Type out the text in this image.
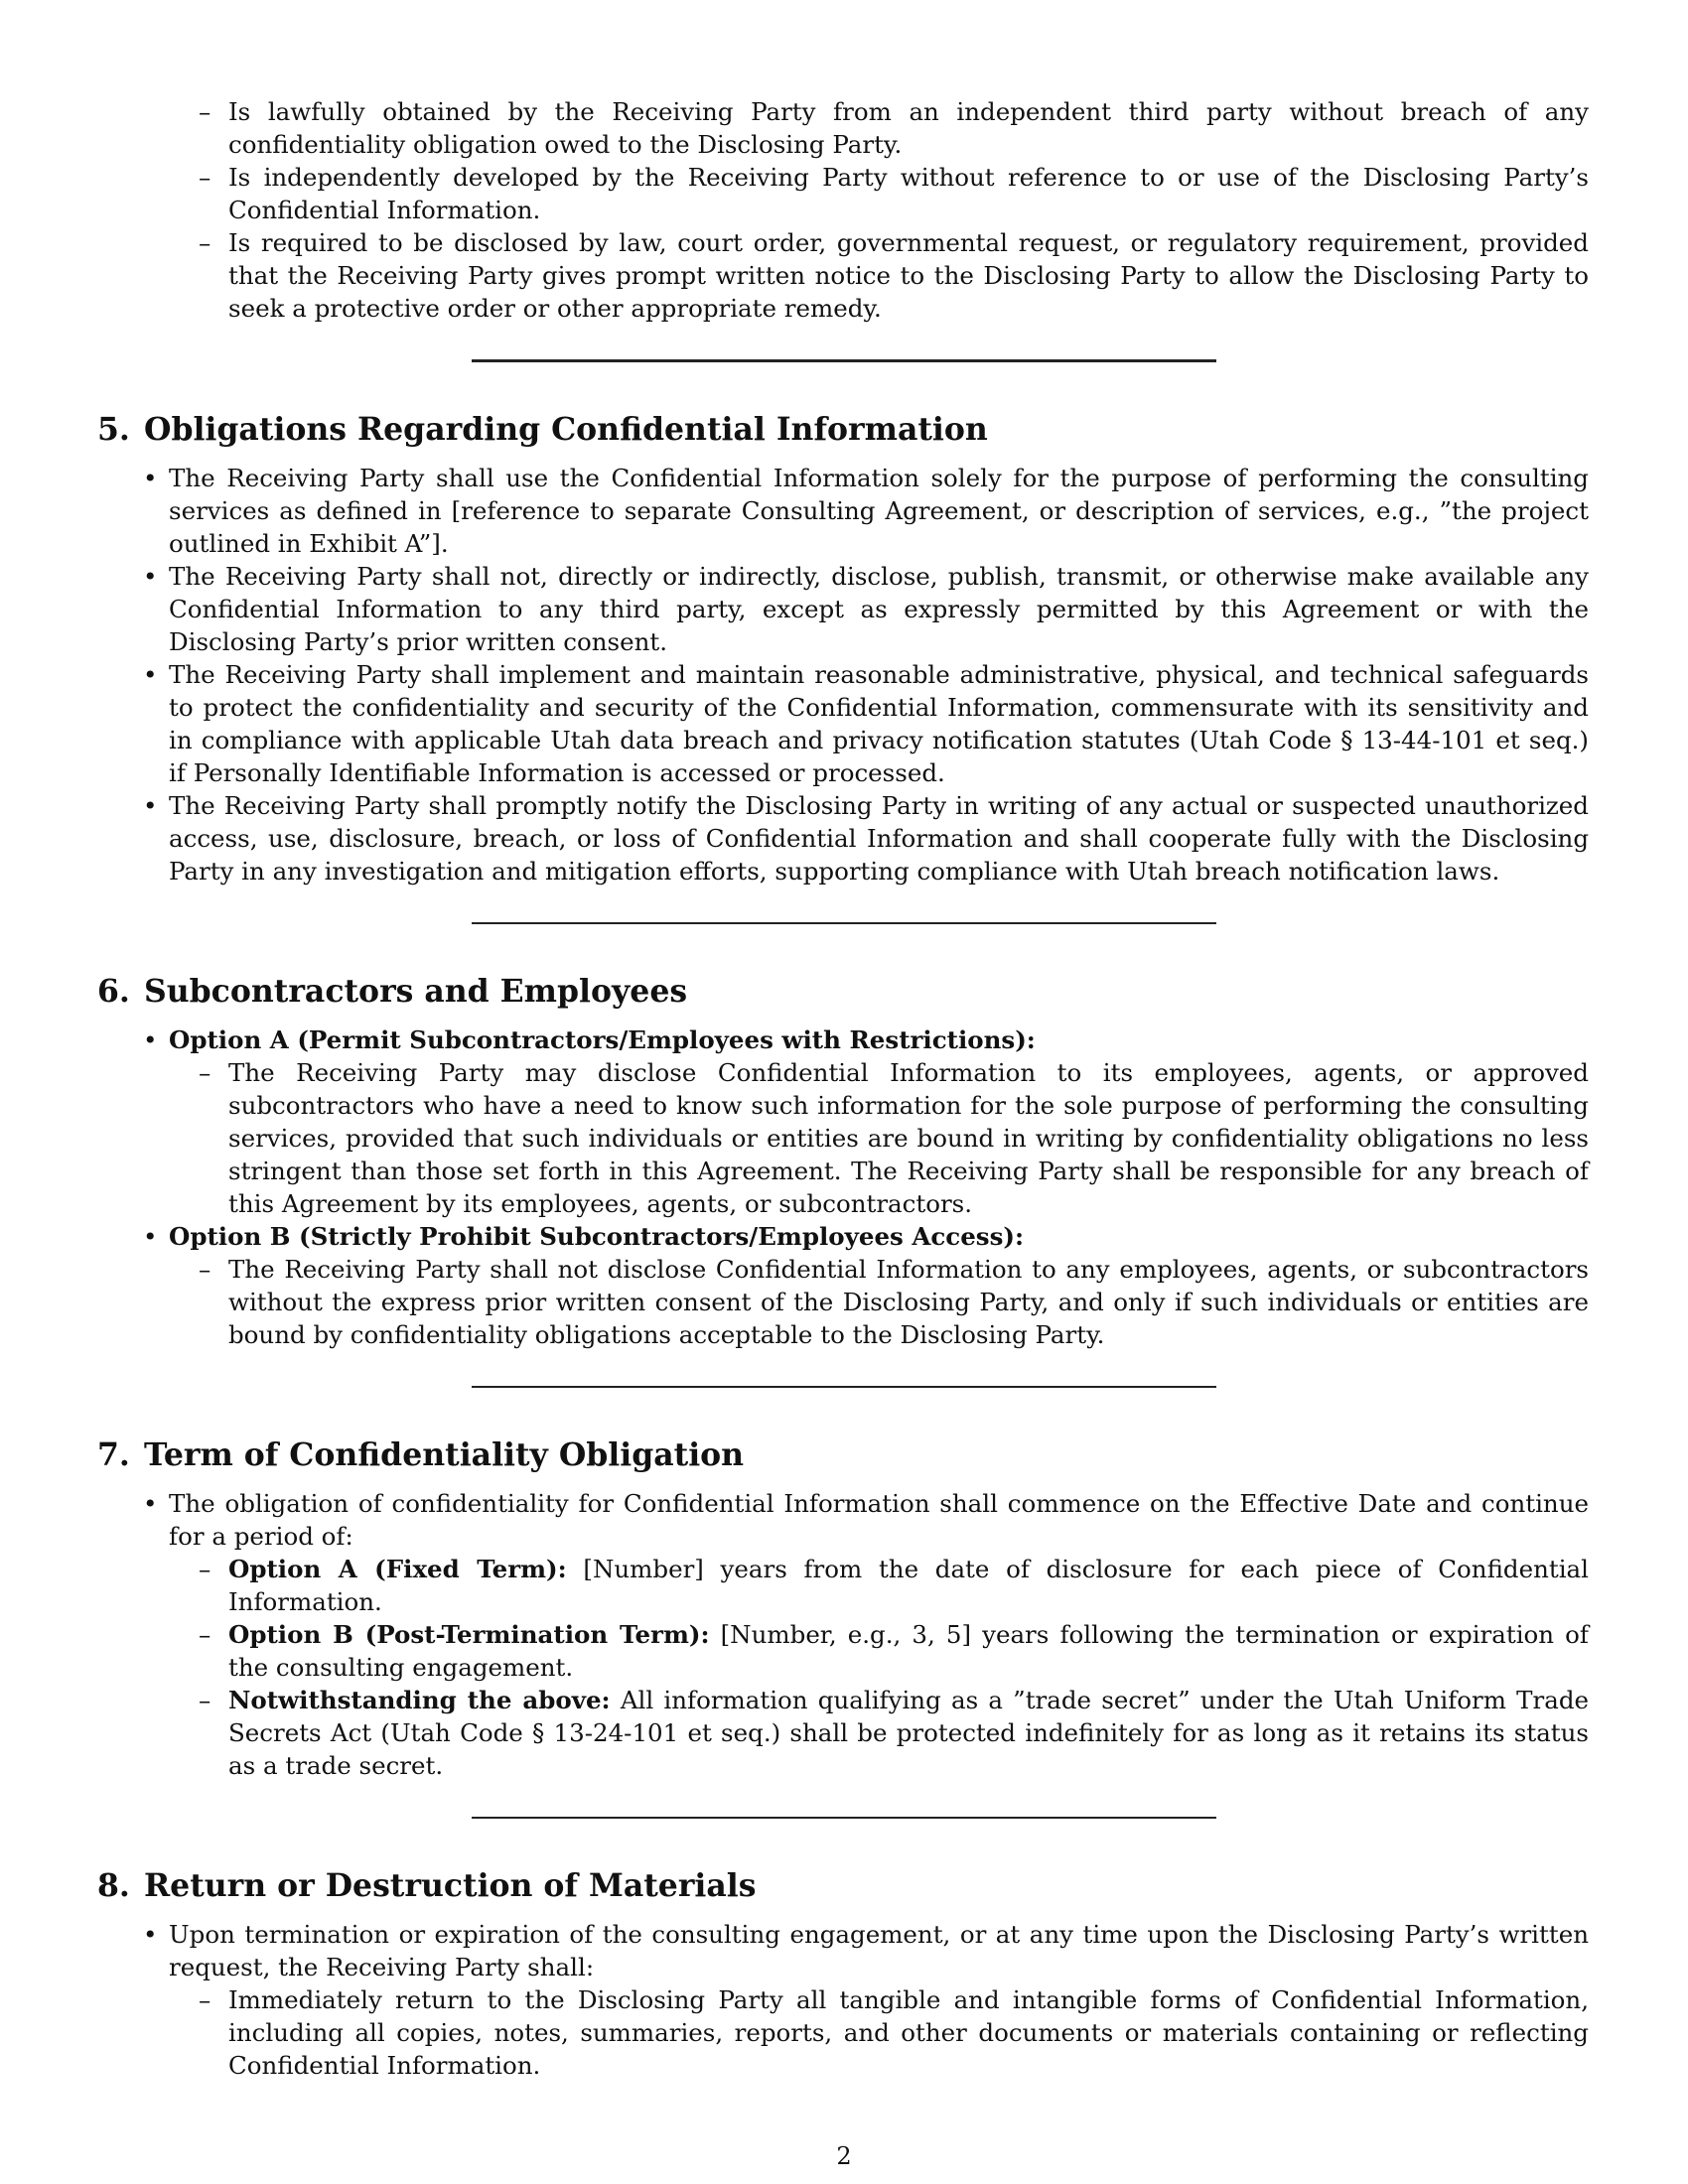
– Is lawfully obtained by the Receiving Party from an independent third party without breach of any confidentiality obligation owed to the Disclosing Party.

– Is independently developed by the Receiving Party without reference to or use of the Disclosing Party’s Confidential Information.

– Is required to be disclosed by law, court order, governmental request, or regulatory requirement, provided that the Receiving Party gives prompt written notice to the Disclosing Party to allow the Disclosing Party to seek a protective order or other appropriate remedy.

5. Obligations Regarding Confidential Information

• The Receiving Party shall use the Confidential Information solely for the purpose of performing the consulting services as defined in [reference to separate Consulting Agreement, or description of services, e.g., ”the project outlined in Exhibit A”].

• The Receiving Party shall not, directly or indirectly, disclose, publish, transmit, or otherwise make available any Confidential Information to any third party, except as expressly permitted by this Agreement or with the Disclosing Party’s prior written consent.

• The Receiving Party shall implement and maintain reasonable administrative, physical, and technical safeguards to protect the confidentiality and security of the Confidential Information, commensurate with its sensitivity and in compliance with applicable Utah data breach and privacy notification statutes (Utah Code § 13-44-101 et seq.) if Personally Identifiable Information is accessed or processed.

• The Receiving Party shall promptly notify the Disclosing Party in writing of any actual or suspected unauthorized access, use, disclosure, breach, or loss of Confidential Information and shall cooperate fully with the Disclosing Party in any investigation and mitigation efforts, supporting compliance with Utah breach notification laws.

6. Subcontractors and Employees

• Option A (Permit Subcontractors/Employees with Restrictions):

– The Receiving Party may disclose Confidential Information to its employees, agents, or approved subcontractors who have a need to know such information for the sole purpose of performing the consulting services, provided that such individuals or entities are bound in writing by confidentiality obligations no less stringent than those set forth in this Agreement. The Receiving Party shall be responsible for any breach of this Agreement by its employees, agents, or subcontractors.

• Option B (Strictly Prohibit Subcontractors/Employees Access):

– The Receiving Party shall not disclose Confidential Information to any employees, agents, or subcontractors without the express prior written consent of the Disclosing Party, and only if such individuals or entities are bound by confidentiality obligations acceptable to the Disclosing Party.

7. Term of Confidentiality Obligation

• The obligation of confidentiality for Confidential Information shall commence on the Effective Date and continue for a period of:

– Option A (Fixed Term): [Number] years from the date of disclosure for each piece of Confidential Information.

– Option B (Post-Termination Term): [Number, e.g., 3, 5] years following the termination or expiration of the consulting engagement.

– Notwithstanding the above: All information qualifying as a ”trade secret” under the Utah Uniform Trade Secrets Act (Utah Code § 13-24-101 et seq.) shall be protected indefinitely for as long as it retains its status as a trade secret.

8. Return or Destruction of Materials

• Upon termination or expiration of the consulting engagement, or at any time upon the Disclosing Party’s written request, the Receiving Party shall:

– Immediately return to the Disclosing Party all tangible and intangible forms of Confidential Information, including all copies, notes, summaries, reports, and other documents or materials containing or reflecting Confidential Information.

2
